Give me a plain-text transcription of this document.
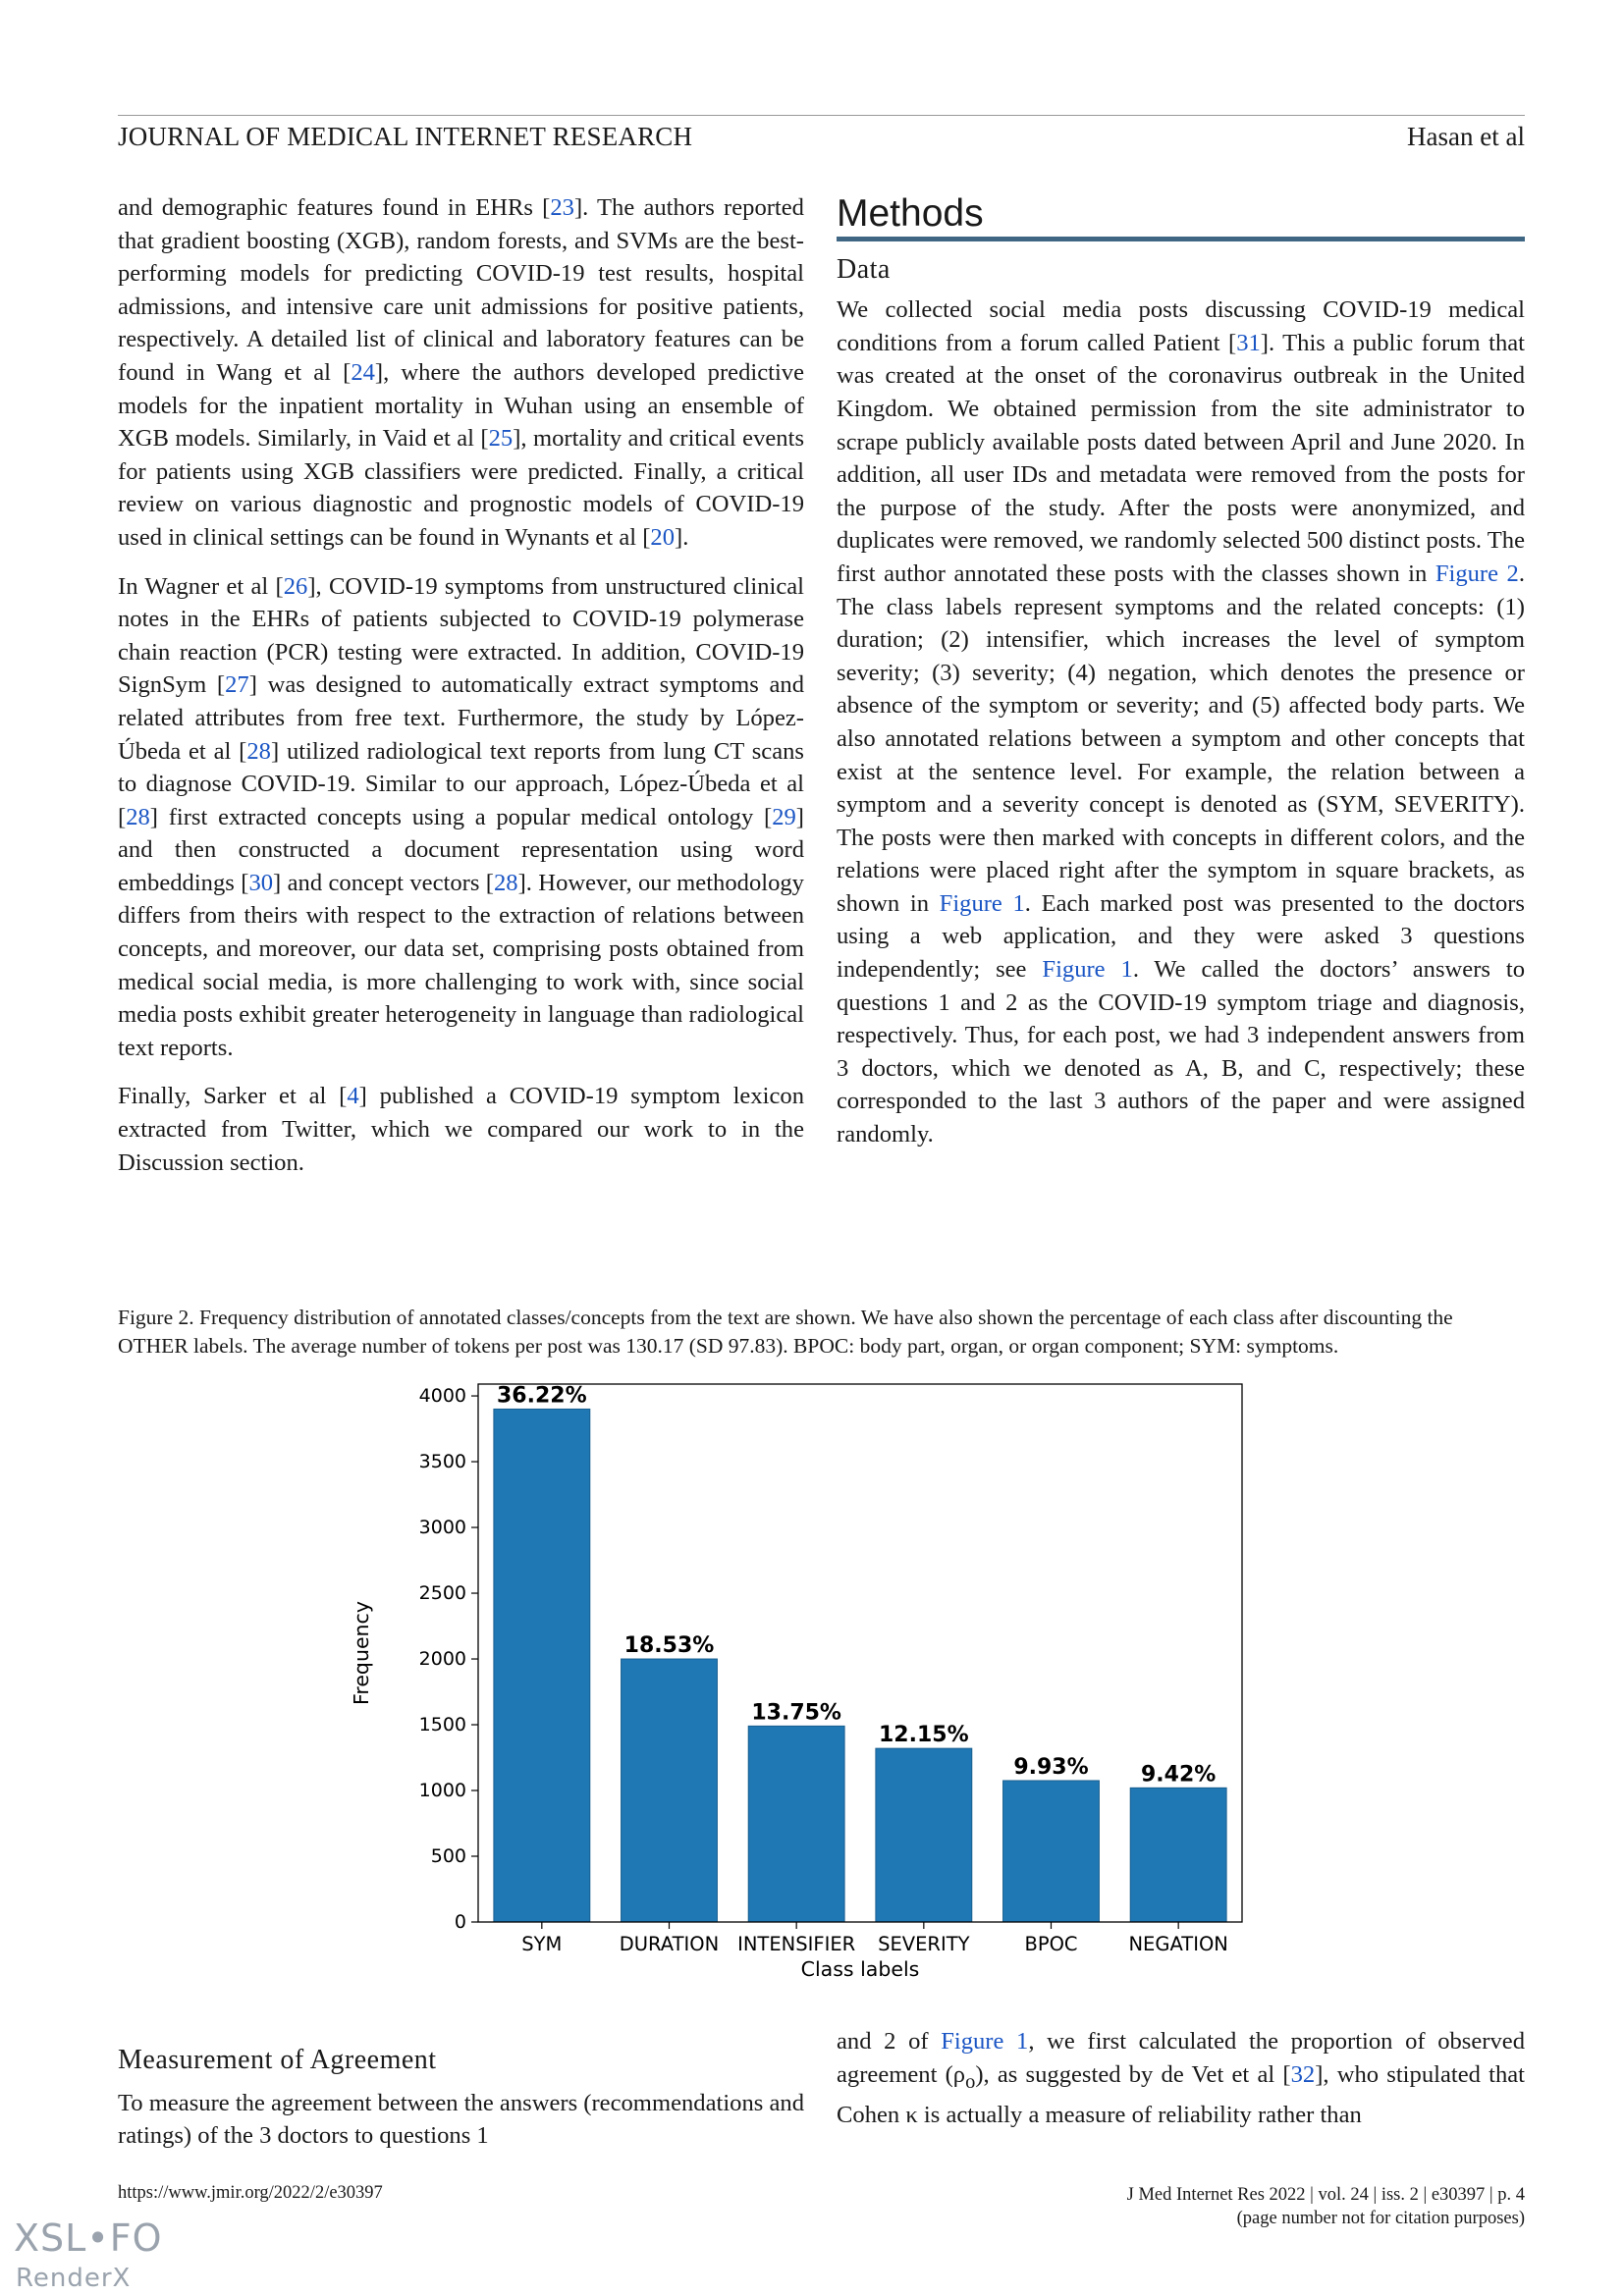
JOURNAL OF MEDICAL INTERNET RESEARCH	Hasan et al

and demographic features found in EHRs [23]. The authors reported that gradient boosting (XGB), random forests, and SVMs are the best-performing models for predicting COVID-19 test results, hospital admissions, and intensive care unit admissions for positive patients, respectively. A detailed list of clinical and laboratory features can be found in Wang et al [24], where the authors developed predictive models for the inpatient mortality in Wuhan using an ensemble of XGB models. Similarly, in Vaid et al [25], mortality and critical events for patients using XGB classifiers were predicted. Finally, a critical review on various diagnostic and prognostic models of COVID-19 used in clinical settings can be found in Wynants et al [20].

In Wagner et al [26], COVID-19 symptoms from unstructured clinical notes in the EHRs of patients subjected to COVID-19 polymerase chain reaction (PCR) testing were extracted. In addition, COVID-19 SignSym [27] was designed to automatically extract symptoms and related attributes from free text. Furthermore, the study by López-Úbeda et al [28] utilized radiological text reports from lung CT scans to diagnose COVID-19. Similar to our approach, López-Úbeda et al [28] first extracted concepts using a popular medical ontology [29] and then constructed a document representation using word embeddings [30] and concept vectors [28]. However, our methodology differs from theirs with respect to the extraction of relations between concepts, and moreover, our data set, comprising posts obtained from medical social media, is more challenging to work with, since social media posts exhibit greater heterogeneity in language than radiological text reports.

Finally, Sarker et al [4] published a COVID-19 symptom lexicon extracted from Twitter, which we compared our work to in the Discussion section.

Methods
Data

We collected social media posts discussing COVID-19 medical conditions from a forum called Patient [31]. This a public forum that was created at the onset of the coronavirus outbreak in the United Kingdom. We obtained permission from the site administrator to scrape publicly available posts dated between April and June 2020. In addition, all user IDs and metadata were removed from the posts for the purpose of the study. After the posts were anonymized, and duplicates were removed, we randomly selected 500 distinct posts. The first author annotated these posts with the classes shown in Figure 2. The class labels represent symptoms and the related concepts: (1) duration; (2) intensifier, which increases the level of symptom severity; (3) severity; (4) negation, which denotes the presence or absence of the symptom or severity; and (5) affected body parts. We also annotated relations between a symptom and other concepts that exist at the sentence level. For example, the relation between a symptom and a severity concept is denoted as (SYM, SEVERITY). The posts were then marked with concepts in different colors, and the relations were placed right after the symptom in square brackets, as shown in Figure 1. Each marked post was presented to the doctors using a web application, and they were asked 3 questions independently; see Figure 1. We called the doctors’ answers to questions 1 and 2 as the COVID-19 symptom triage and diagnosis, respectively. Thus, for each post, we had 3 independent answers from 3 doctors, which we denoted as A, B, and C, respectively; these corresponded to the last 3 authors of the paper and were assigned randomly.

Figure 2. Frequency distribution of annotated classes/concepts from the text are shown. We have also shown the percentage of each class after discounting the OTHER labels. The average number of tokens per post was 130.17 (SD 97.83). BPOC: body part, organ, or organ component; SYM: symptoms.
0
500
1000
1500
2000
2500
3000
3500
4000 36.22%
SYM
18.53%
DURATION
13.75%
INTENSIFIER
12.15%
SEVERITY
9.93%
BPOC
9.42%
NEGATION
Class labels
Frequency
Measurement of Agreement

To measure the agreement between the answers (recommendations and ratings) of the 3 doctors to questions 1

and 2 of Figure 1, we first calculated the proportion of observed agreement $(\rho_o)$, as suggested by de Vet et al [32], who stipulated that Cohen κ is actually a measure of reliability rather than

https://www.jmir.org/2022/2/e30397	J Med Internet Res 2022 | vol. 24 | iss. 2 | e30397 | p. 4
(page number not for citation purposes)
XSL•FO
RenderX
